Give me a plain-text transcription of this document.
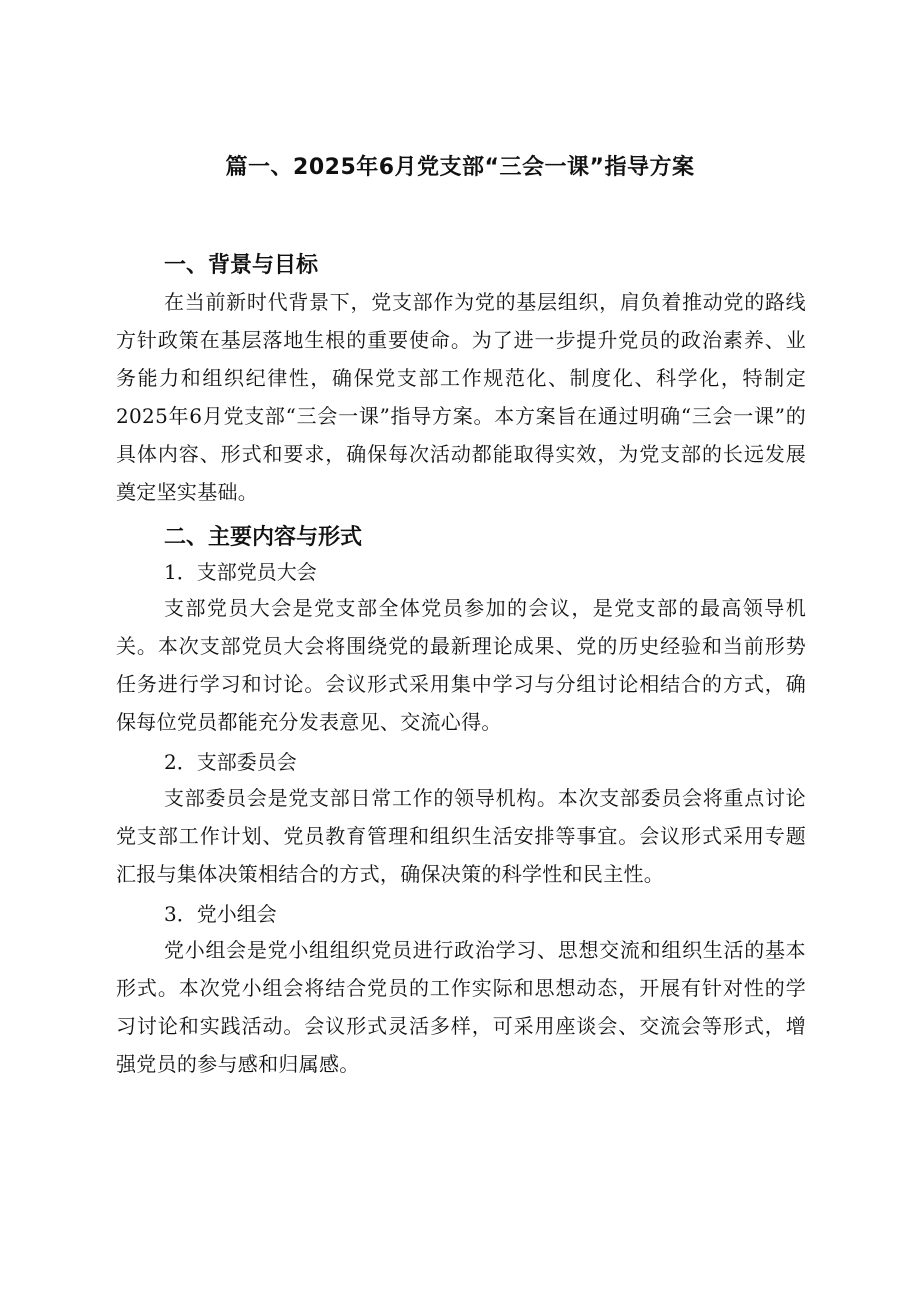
篇一、2025年6月党支部“三会一课”指导方案
一、背景与目标
在当前新时代背景下，党支部作为党的基层组织，肩负着推动党的路线方针政策在基层落地生根的重要使命。为了进一步提升党员的政治素养、业务能力和组织纪律性，确保党支部工作规范化、制度化、科学化，特制定2025年6月党支部“三会一课”指导方案。本方案旨在通过明确“三会一课”的具体内容、形式和要求，确保每次活动都能取得实效，为党支部的长远发展奠定坚实基础。
二、主要内容与形式
1．支部党员大会
支部党员大会是党支部全体党员参加的会议，是党支部的最高领导机关。本次支部党员大会将围绕党的最新理论成果、党的历史经验和当前形势任务进行学习和讨论。会议形式采用集中学习与分组讨论相结合的方式，确保每位党员都能充分发表意见、交流心得。
2．支部委员会
支部委员会是党支部日常工作的领导机构。本次支部委员会将重点讨论党支部工作计划、党员教育管理和组织生活安排等事宜。会议形式采用专题汇报与集体决策相结合的方式，确保决策的科学性和民主性。
3．党小组会
党小组会是党小组组织党员进行政治学习、思想交流和组织生活的基本形式。本次党小组会将结合党员的工作实际和思想动态，开展有针对性的学习讨论和实践活动。会议形式灵活多样，可采用座谈会、交流会等形式，增强党员的参与感和归属感。
